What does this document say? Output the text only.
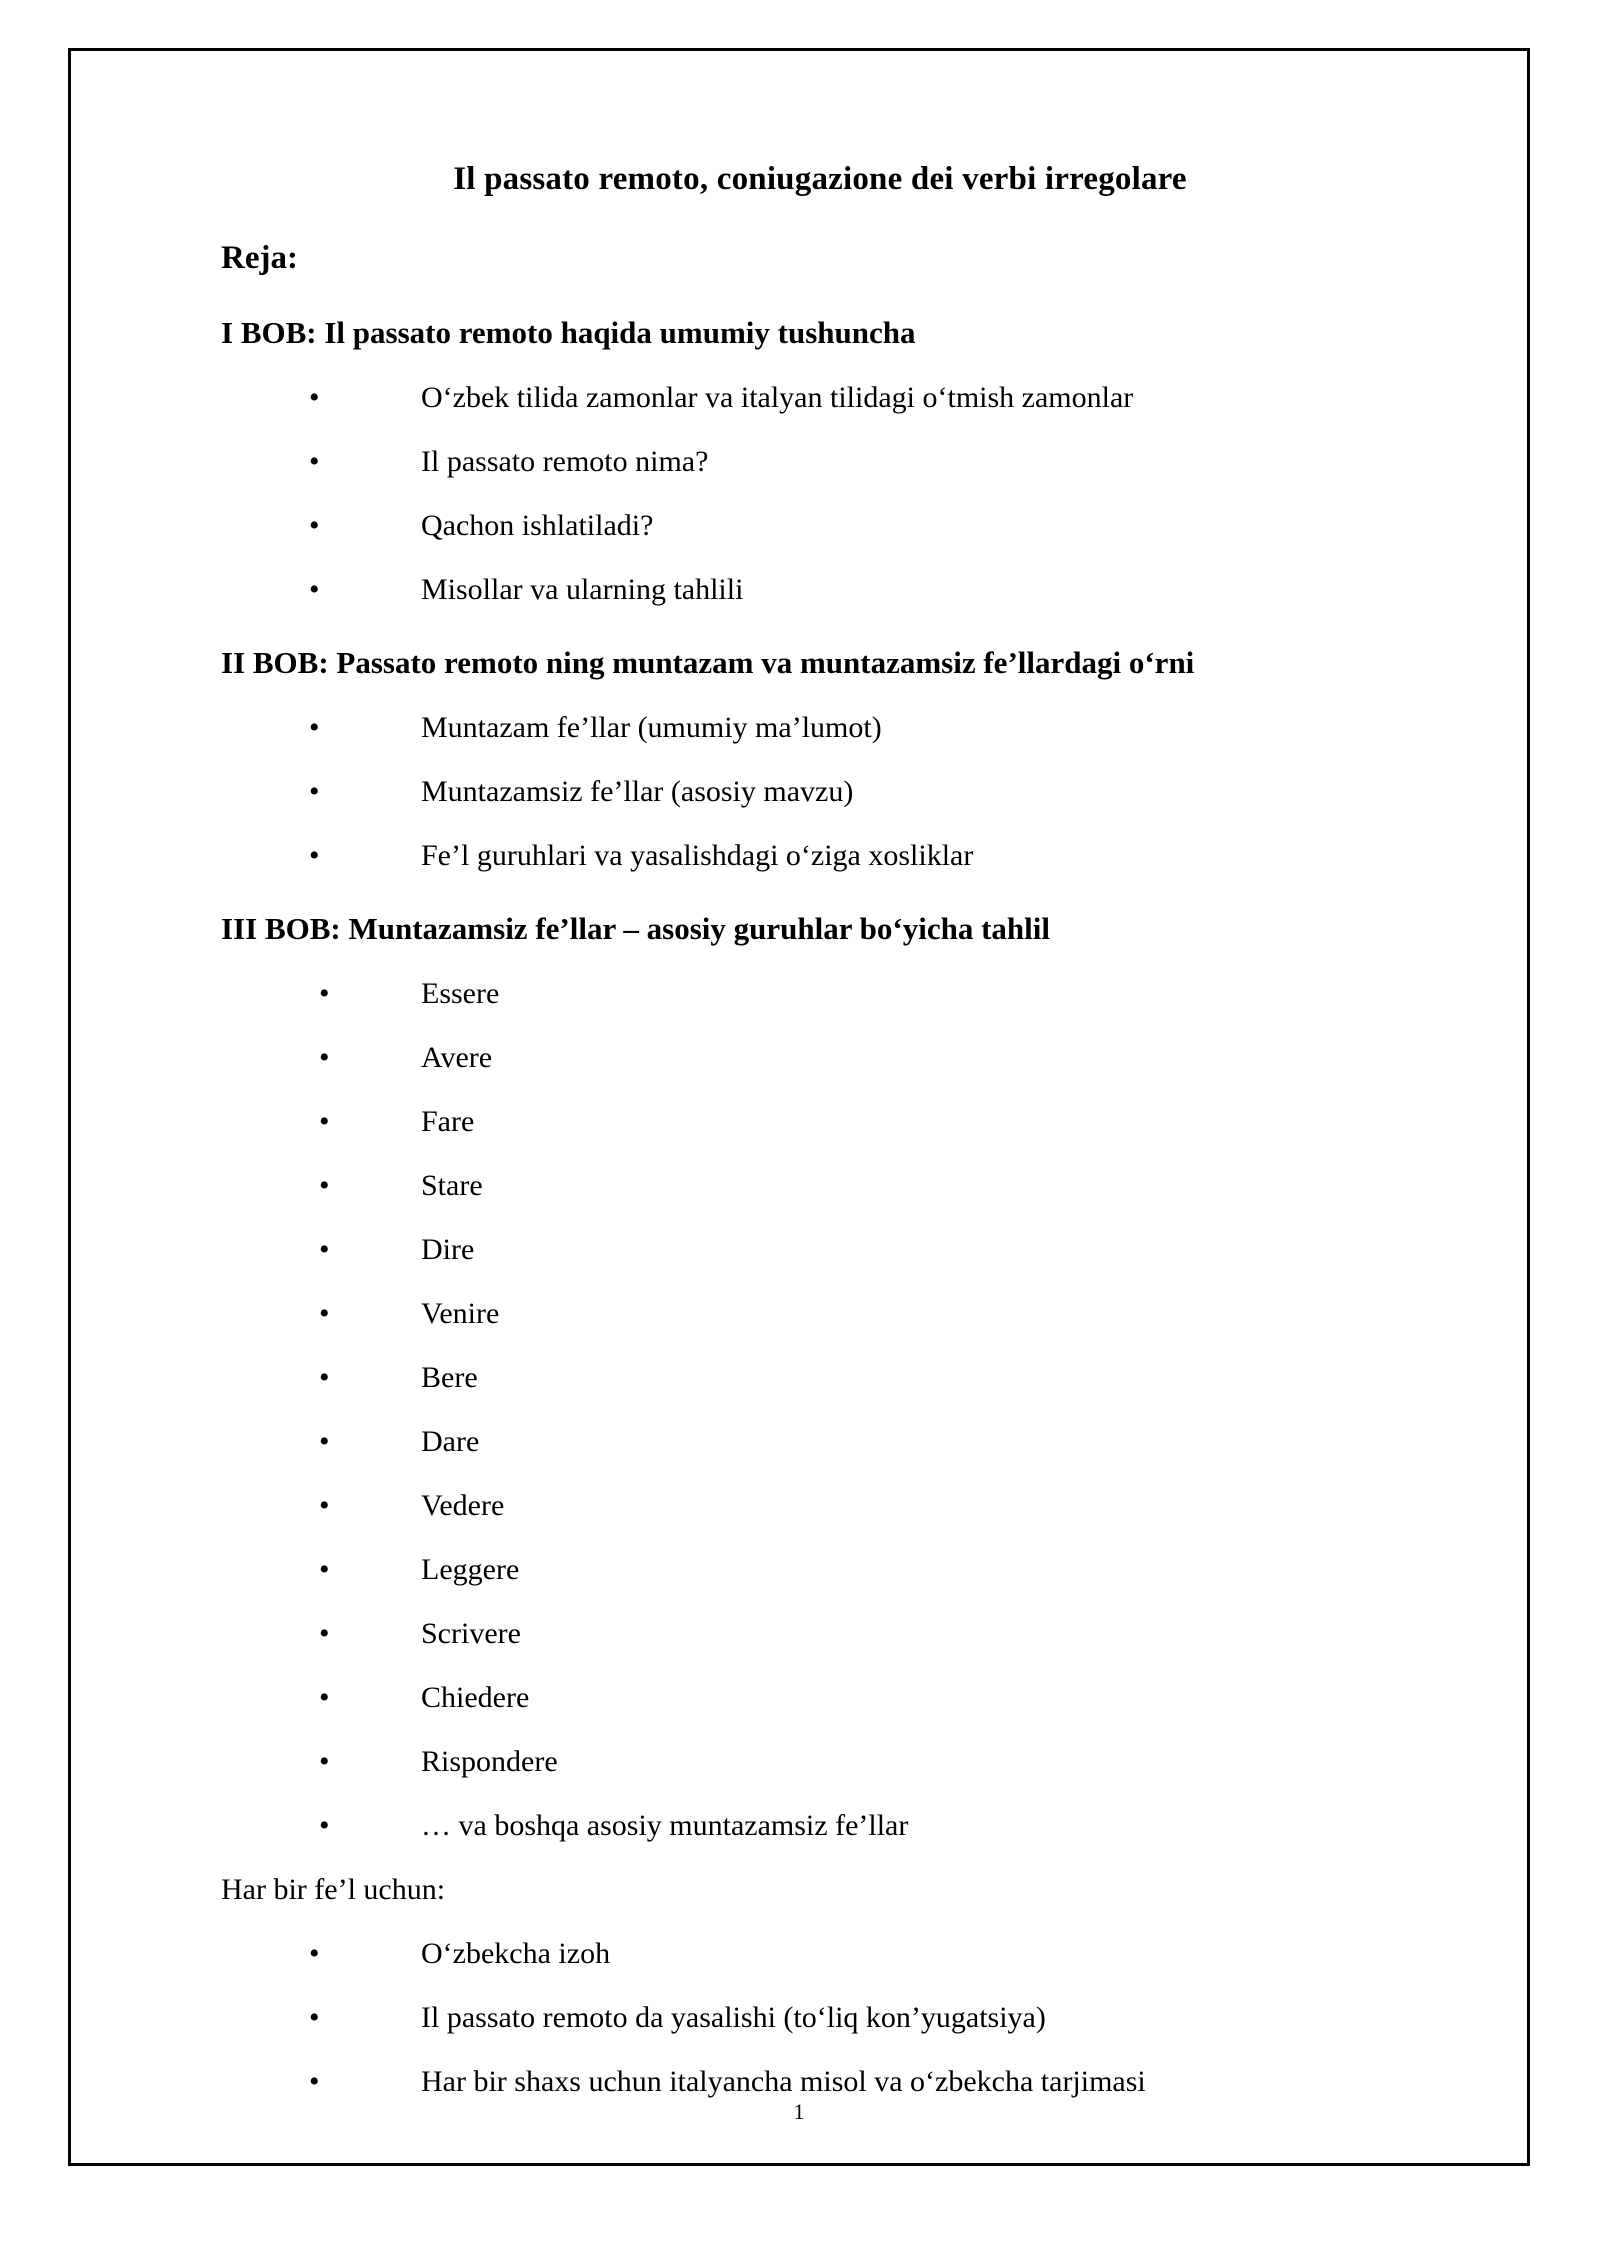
Il passato remoto, coniugazione dei verbi irregolare
Reja:
I BOB: Il passato remoto haqida umumiy tushuncha
•	O‘zbek tilida zamonlar va italyan tilidagi o‘tmish zamonlar
•	Il passato remoto nima?
•	Qachon ishlatiladi?
•	Misollar va ularning tahlili
II BOB: Passato remoto ning muntazam va muntazamsiz fe’llardagi o‘rni
•	Muntazam fe’llar (umumiy ma’lumot)
•	Muntazamsiz fe’llar (asosiy mavzu)
•	Fe’l guruhlari va yasalishdagi o‘ziga xosliklar
III BOB: Muntazamsiz fe’llar – asosiy guruhlar bo‘yicha tahlil
•	Essere
•	Avere
•	Fare
•	Stare
•	Dire
•	Venire
•	Bere
•	Dare
•	Vedere
•	Leggere
•	Scrivere
•	Chiedere
•	Rispondere
•	… va boshqa asosiy muntazamsiz fe’llar
Har bir fe’l uchun:
•	O‘zbekcha izoh
•	Il passato remoto da yasalishi (to‘liq kon’yugatsiya)
•	Har bir shaxs uchun italyancha misol va o‘zbekcha tarjimasi
1
